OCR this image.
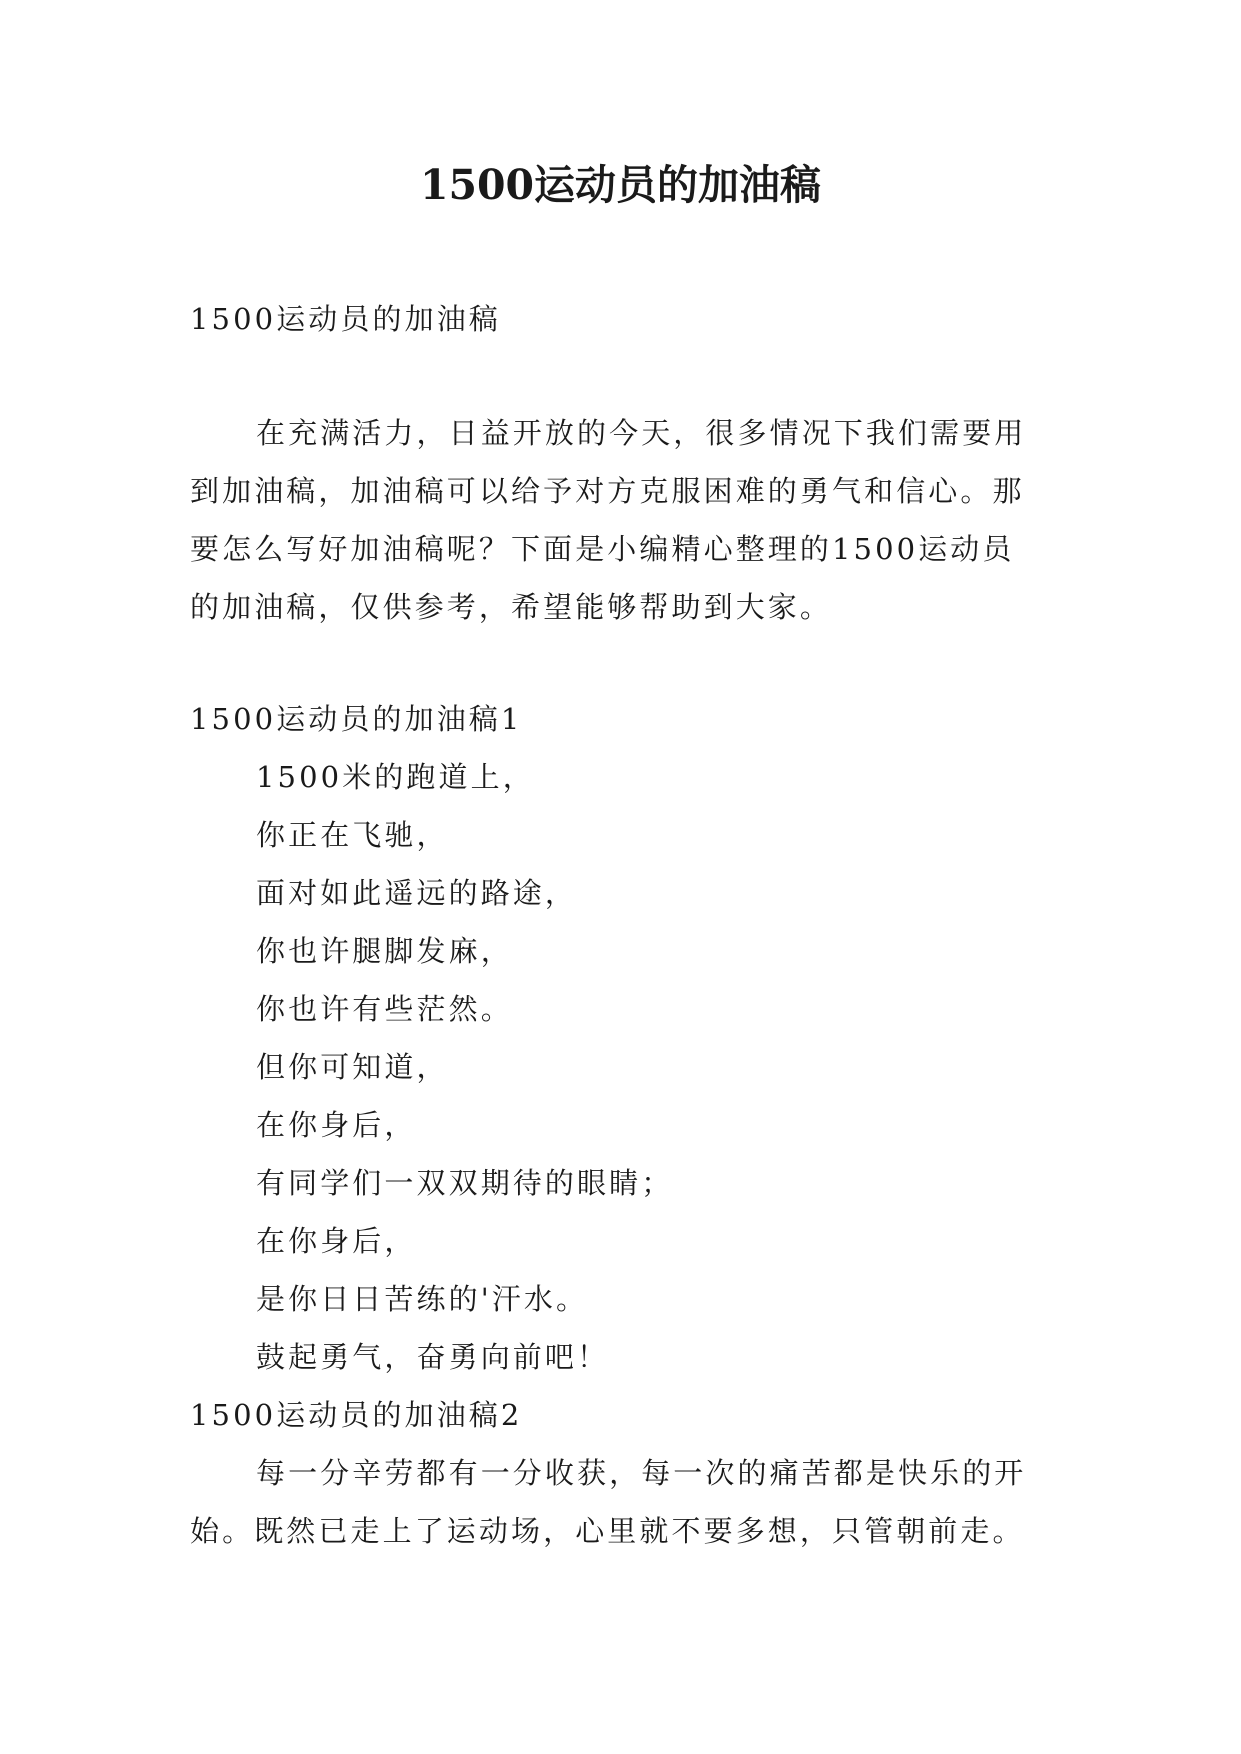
1500运动员的加油稿

1500运动员的加油稿

在充满活力，日益开放的今天，很多情况下我们需要用
到加油稿，加油稿可以给予对方克服困难的勇气和信心。那
要怎么写好加油稿呢？下面是小编精心整理的1500运动员
的加油稿，仅供参考，希望能够帮助到大家。

1500运动员的加油稿1
1500米的跑道上，
你正在飞驰，
面对如此遥远的路途，
你也许腿脚发麻，
你也许有些茫然。
但你可知道，
在你身后，
有同学们一双双期待的眼睛；
在你身后，
是你日日苦练的'汗水。
鼓起勇气，奋勇向前吧！
1500运动员的加油稿2
每一分辛劳都有一分收获，每一次的痛苦都是快乐的开
始。既然已走上了运动场，心里就不要多想，只管朝前走。
